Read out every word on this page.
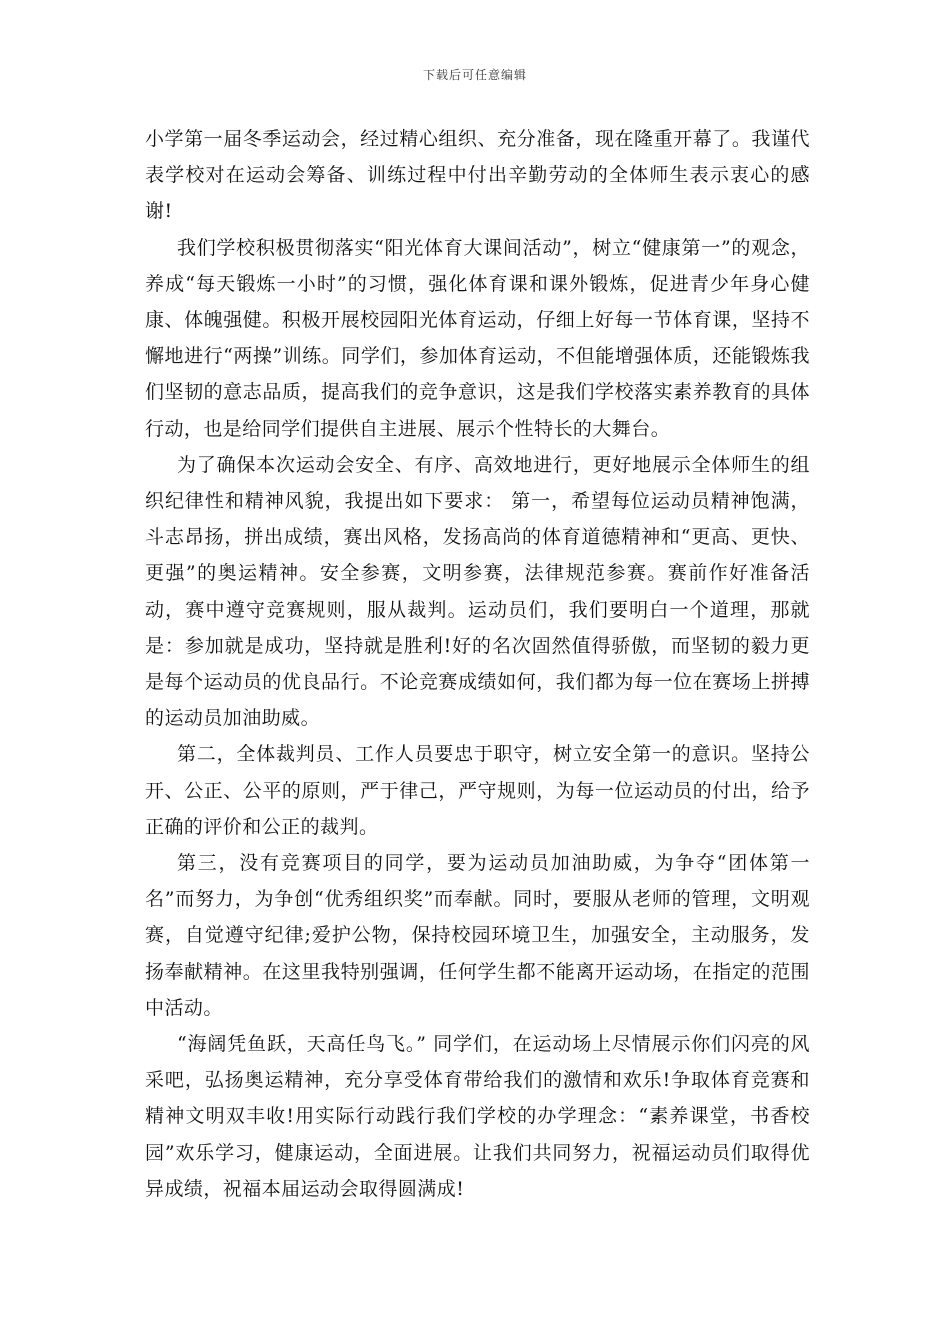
下载后可任意编辑

小学第一届冬季运动会，经过精心组织、充分准备，现在隆重开幕了。我谨代表学校对在运动会筹备、训练过程中付出辛勤劳动的全体师生表示衷心的感谢!

我们学校积极贯彻落实“阳光体育大课间活动”，树立“健康第一”的观念，养成“每天锻炼一小时”的习惯，强化体育课和课外锻炼，促进青少年身心健康、体魄强健。积极开展校园阳光体育运动，仔细上好每一节体育课，坚持不懈地进行“两操”训练。同学们，参加体育运动，不但能增强体质，还能锻炼我们坚韧的意志品质，提高我们的竞争意识，这是我们学校落实素养教育的具体行动，也是给同学们提供自主进展、展示个性特长的大舞台。

为了确保本次运动会安全、有序、高效地进行，更好地展示全体师生的组织纪律性和精神风貌，我提出如下要求： 第一，希望每位运动员精神饱满，斗志昂扬，拼出成绩，赛出风格，发扬高尚的体育道德精神和“更高、更快、更强”的奥运精神。安全参赛，文明参赛，法律规范参赛。赛前作好准备活动，赛中遵守竞赛规则，服从裁判。运动员们，我们要明白一个道理，那就是：参加就是成功，坚持就是胜利!好的名次固然值得骄傲，而坚韧的毅力更是每个运动员的优良品行。不论竞赛成绩如何，我们都为每一位在赛场上拼搏的运动员加油助威。

第二，全体裁判员、工作人员要忠于职守，树立安全第一的意识。坚持公开、公正、公平的原则，严于律己，严守规则，为每一位运动员的付出，给予正确的评价和公正的裁判。

第三，没有竞赛项目的同学，要为运动员加油助威，为争夺“团体第一名”而努力，为争创“优秀组织奖”而奉献。同时，要服从老师的管理，文明观赛，自觉遵守纪律;爱护公物，保持校园环境卫生，加强安全，主动服务，发扬奉献精神。在这里我特别强调，任何学生都不能离开运动场，在指定的范围中活动。

“海阔凭鱼跃，天高任鸟飞。” 同学们，在运动场上尽情展示你们闪亮的风采吧，弘扬奥运精神，充分享受体育带给我们的激情和欢乐!争取体育竞赛和精神文明双丰收!用实际行动践行我们学校的办学理念：“素养课堂，书香校园”欢乐学习，健康运动，全面进展。让我们共同努力，祝福运动员们取得优异成绩，祝福本届运动会取得圆满成!
